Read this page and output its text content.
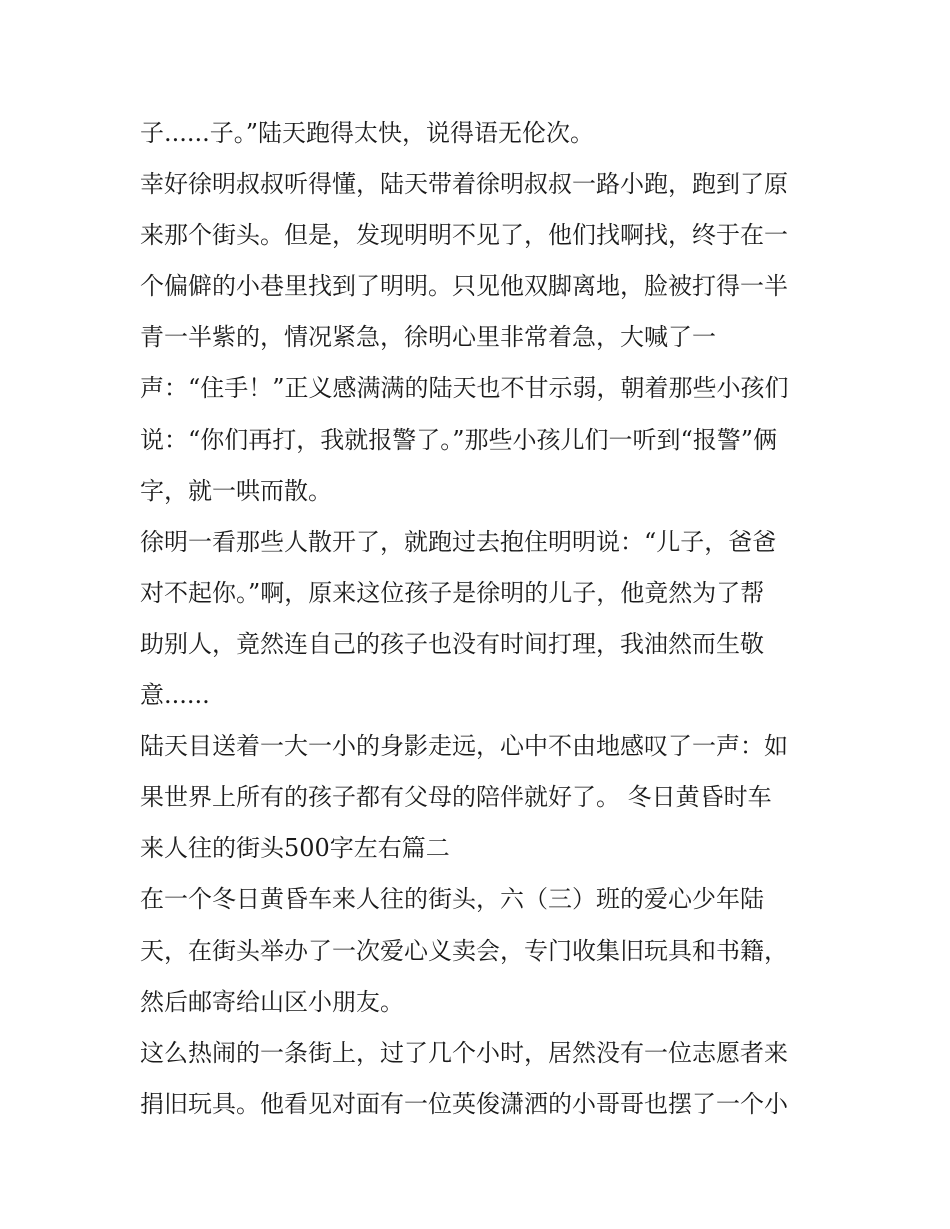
子......子。”陆天跑得太快，说得语无伦次。
幸好徐明叔叔听得懂，陆天带着徐明叔叔一路小跑，跑到了原
来那个街头。但是，发现明明不见了，他们找啊找，终于在一
个偏僻的小巷里找到了明明。只见他双脚离地，脸被打得一半
青一半紫的，情况紧急，徐明心里非常着急，大喊了一
声：“住手！”正义感满满的陆天也不甘示弱，朝着那些小孩们
说：“你们再打，我就报警了。”那些小孩儿们一听到“报警”俩
字，就一哄而散。
徐明一看那些人散开了，就跑过去抱住明明说：“儿子，爸爸
对不起你。”啊，原来这位孩子是徐明的儿子，他竟然为了帮
助别人，竟然连自己的孩子也没有时间打理，我油然而生敬
意......
陆天目送着一大一小的身影走远，心中不由地感叹了一声：如
果世界上所有的孩子都有父母的陪伴就好了。 冬日黄昏时车
来人往的街头500字左右篇二
在一个冬日黄昏车来人往的街头，六（三）班的爱心少年陆
天，在街头举办了一次爱心义卖会，专门收集旧玩具和书籍，
然后邮寄给山区小朋友。
这么热闹的一条街上，过了几个小时，居然没有一位志愿者来
捐旧玩具。他看见对面有一位英俊潇洒的小哥哥也摆了一个小
